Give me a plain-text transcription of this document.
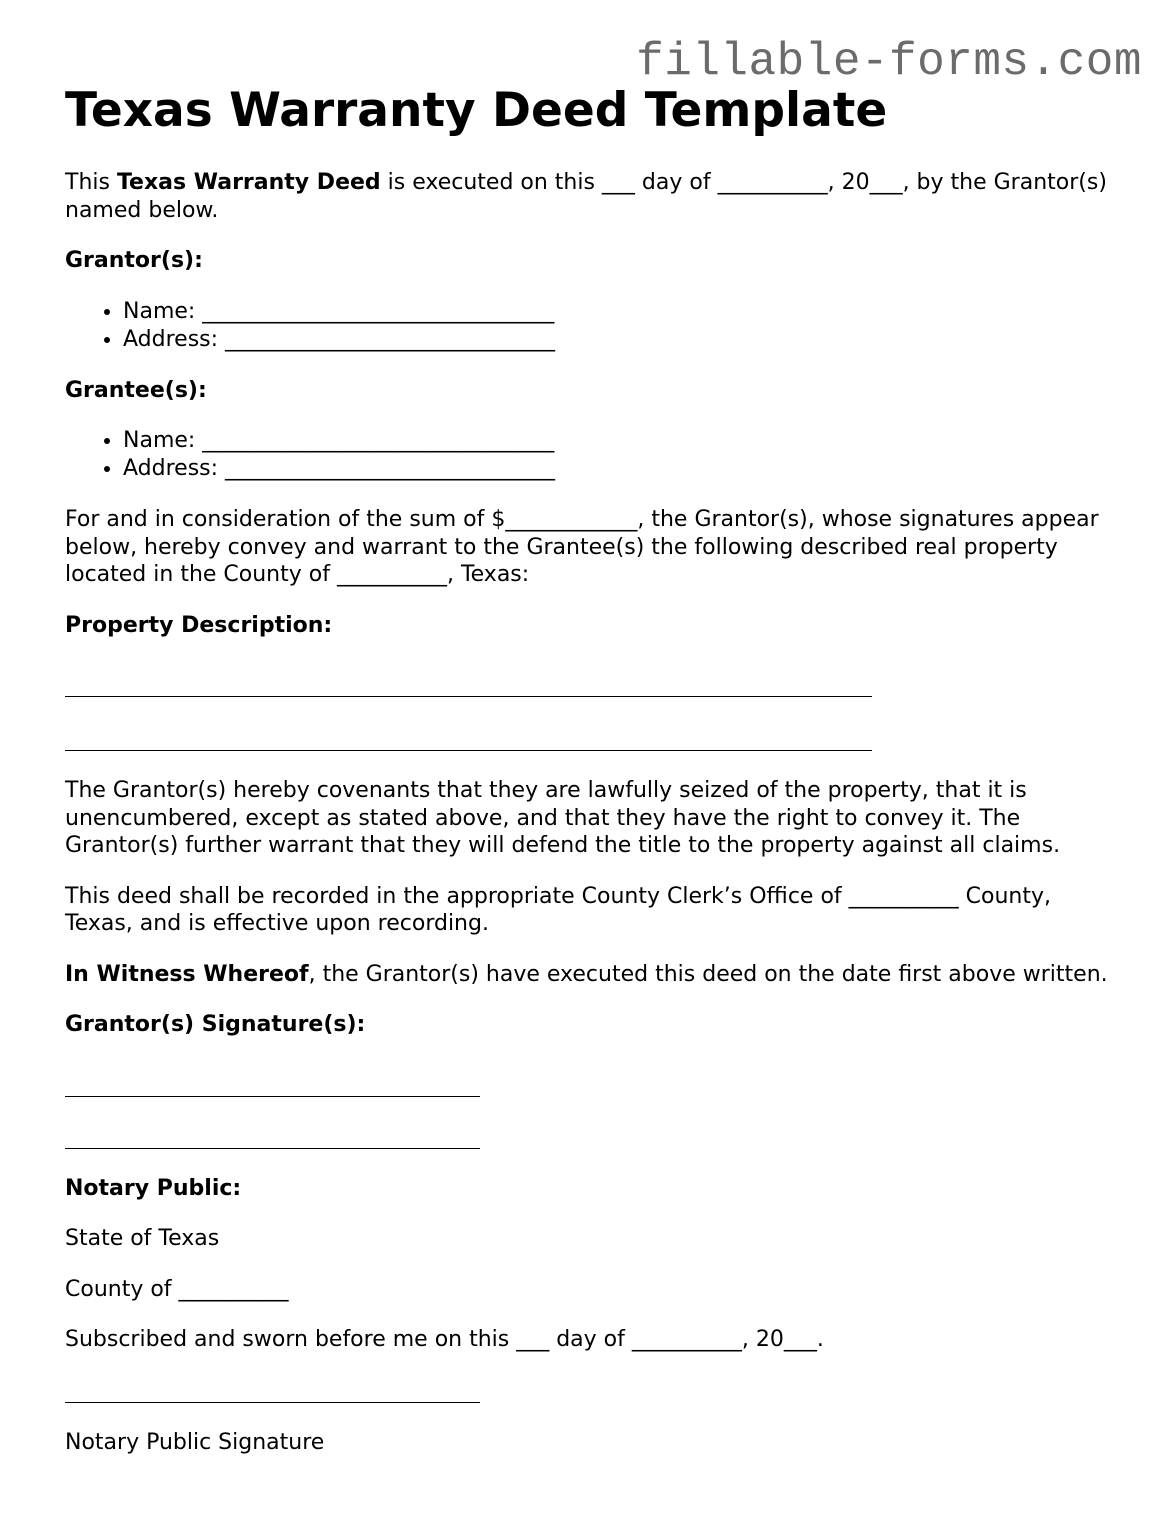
fillable-forms.com
Texas Warranty Deed Template

This Texas Warranty Deed is executed on this ___ day of __________, 20___, by the Grantor(s) named below.

Grantor(s):

• Name: ________________________________
• Address: ______________________________

Grantee(s):

• Name: ________________________________
• Address: ______________________________

For and in consideration of the sum of $____________, the Grantor(s), whose signatures appear below, hereby convey and warrant to the Grantee(s) the following described real property located in the County of __________, Texas:

Property Description:

The Grantor(s) hereby covenants that they are lawfully seized of the property, that it is unencumbered, except as stated above, and that they have the right to convey it. The Grantor(s) further warrant that they will defend the title to the property against all claims.

This deed shall be recorded in the appropriate County Clerk’s Office of __________ County, Texas, and is effective upon recording.

In Witness Whereof, the Grantor(s) have executed this deed on the date first above written.

Grantor(s) Signature(s):

Notary Public:

State of Texas

County of __________

Subscribed and sworn before me on this ___ day of __________, 20___.

Notary Public Signature
